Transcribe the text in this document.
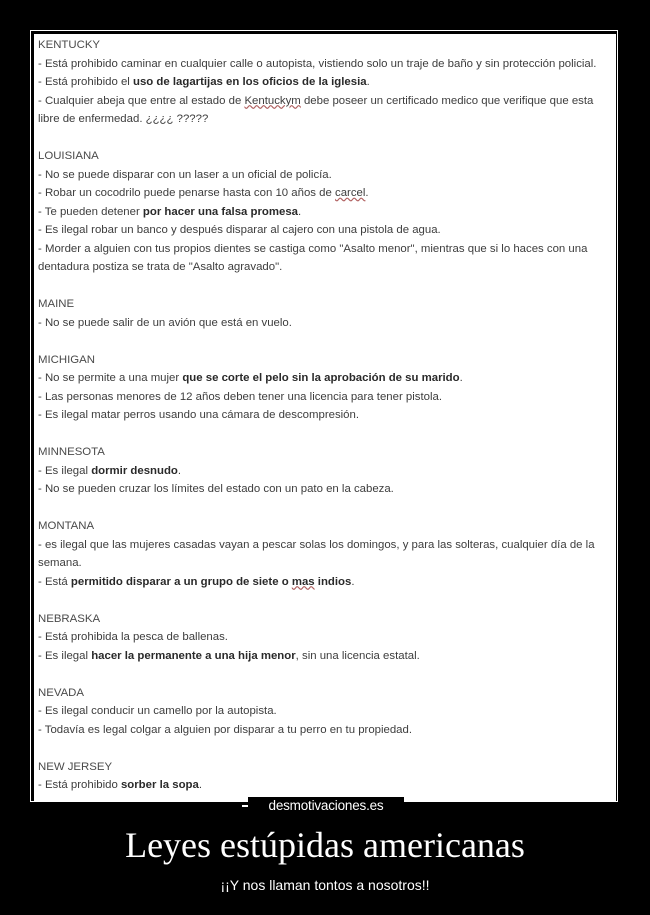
KENTUCKY
- Está prohibido caminar en cualquier calle o autopista, vistiendo solo un traje de baño y sin protección policial.
- Está prohibido el uso de lagartijas en los oficios de la iglesia.
- Cualquier abeja que entre al estado de Kentuckym debe poseer un certificado medico que verifique que esta libre de enfermedad. ¿¿¿¿ ?????
LOUISIANA
- No se puede disparar con un laser a un oficial de policía.
- Robar un cocodrilo puede penarse hasta con 10 años de carcel.
- Te pueden detener por hacer una falsa promesa.
- Es ilegal robar un banco y después disparar al cajero con una pistola de agua.
- Morder a alguien con tus propios dientes se castiga como "Asalto menor", mientras que si lo haces con una dentadura postiza se trata de "Asalto agravado".
MAINE
- No se puede salir de un avión que está en vuelo.
MICHIGAN
- No se permite a una mujer que se corte el pelo sin la aprobación de su marido.
- Las personas menores de 12 años deben tener una licencia para tener pistola.
- Es ilegal matar perros usando una cámara de descompresión.
MINNESOTA
- Es ilegal dormir desnudo.
- No se pueden cruzar los límites del estado con un pato en la cabeza.
MONTANA
- es ilegal que las mujeres casadas vayan a pescar solas los domingos, y para las solteras, cualquier día de la semana.
- Está permitido disparar a un grupo de siete o mas indios.
NEBRASKA
- Está prohibida la pesca de ballenas.
- Es ilegal hacer la permanente a una hija menor, sin una licencia estatal.
NEVADA
- Es ilegal conducir un camello por la autopista.
- Todavía es legal colgar a alguien por disparar a tu perro en tu propiedad.
NEW JERSEY
- Está prohibido sorber la sopa.
desmotivaciones.es
Leyes estúpidas americanas
¡¡Y nos llaman tontos a nosotros!!
